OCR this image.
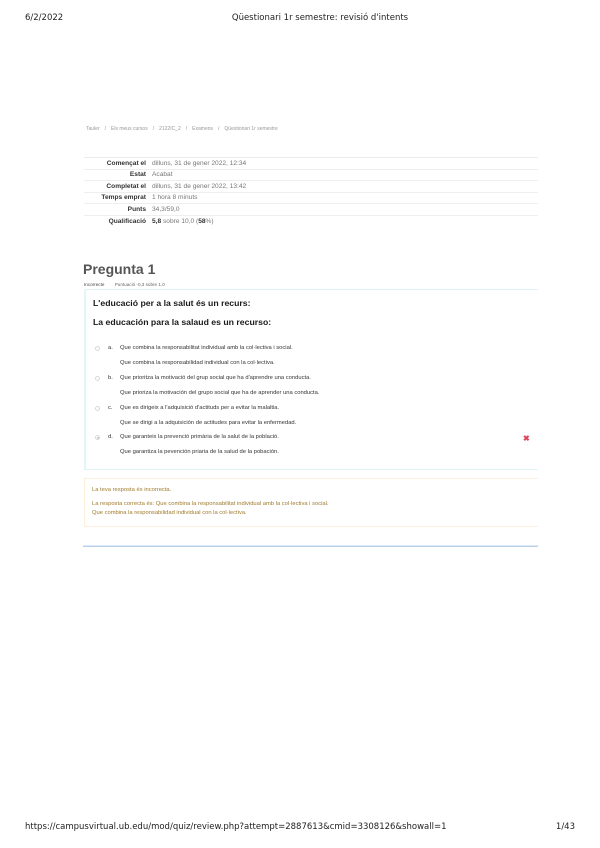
6/2/2022	Qüestionari 1r semestre: revisió d'intents
Tauler / Els meus cursos / 2122IC_2 / Examens / Qüestionari 1r semestre
Començat el dilluns, 31 de gener 2022, 12:34
Estat Acabat
Completat el dilluns, 31 de gener 2022, 13:42
Temps emprat 1 hora 8 minuts
Punts 34,3/59,0
Qualificació 5,8 sobre 10,0 (58%)
Pregunta 1
Incorrecte Puntuació -0,3 sobre 1,0
L'educació per a la salut és un recurs:
La educación para la salaud es un recurso:
a. Que combina la responsabilitat individual amb la col·lectiva i social.
Que combina la responsabilidad individual con la col·lectiva.
b. Que prioritza la motivació del grup social que ha d'aprendre una conducta.
Que prioriza la motivación del grupo social que ha de aprender una conducta.
c. Que es dirigeix a l'adquisició d'actituds per a evitar la malaltia.
Que se dirigi a la adquisición de actitudes para evitar la enfermedad.
d. Que garanteix la prevenció primària de la salut de la població.
Que garantiza la pevención priaria de la salud de la pobación.
✖
La teva resposta és incorrecta.
La resposta correcta és: Que combina la responsabilitat individual amb la col·lectiva i social.
Que combina la responsabilidad individual con la col·lectiva.
https://campusvirtual.ub.edu/mod/quiz/review.php?attempt=2887613&cmid=3308126&showall=1	1/43
